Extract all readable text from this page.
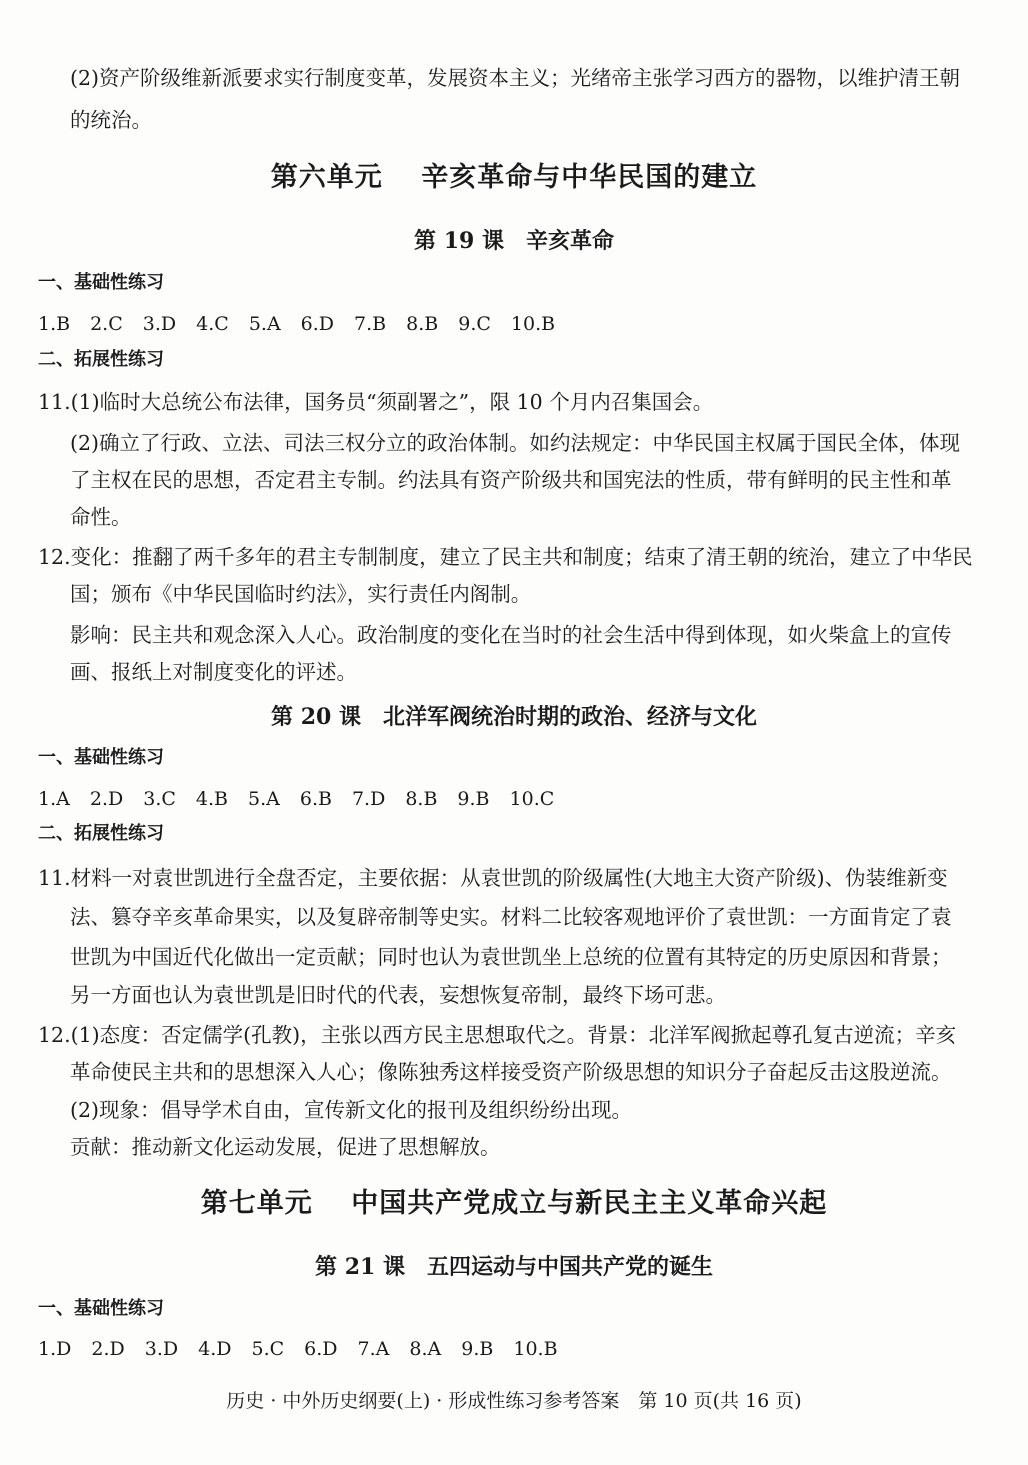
(2)资产阶级维新派要求实行制度变革，发展资本主义；光绪帝主张学习西方的器物，以维护清王朝
的统治。
第六单元　 辛亥革命与中华民国的建立
第 19 课　辛亥革命
一、基础性练习
1.B 2.C 3.D 4.C 5.A 6.D 7.B 8.B 9.C 10.B
二、拓展性练习
11.(1)临时大总统公布法律，国务员“须副署之”，限 10 个月内召集国会。
(2)确立了行政、立法、司法三权分立的政治体制。如约法规定：中华民国主权属于国民全体，体现
了主权在民的思想，否定君主专制。约法具有资产阶级共和国宪法的性质，带有鲜明的民主性和革
命性。
12.变化：推翻了两千多年的君主专制制度，建立了民主共和制度；结束了清王朝的统治，建立了中华民
国；颁布《中华民国临时约法》，实行责任内阁制。
影响：民主共和观念深入人心。政治制度的变化在当时的社会生活中得到体现，如火柴盒上的宣传
画、报纸上对制度变化的评述。
第 20 课　北洋军阀统治时期的政治、经济与文化
一、基础性练习
1.A 2.D 3.C 4.B 5.A 6.B 7.D 8.B 9.B 10.C
二、拓展性练习
11.材料一对袁世凯进行全盘否定，主要依据：从袁世凯的阶级属性(大地主大资产阶级)、伪装维新变
法、篡夺辛亥革命果实，以及复辟帝制等史实。材料二比较客观地评价了袁世凯：一方面肯定了袁
世凯为中国近代化做出一定贡献；同时也认为袁世凯坐上总统的位置有其特定的历史原因和背景；
另一方面也认为袁世凯是旧时代的代表，妄想恢复帝制，最终下场可悲。
12.(1)态度：否定儒学(孔教)，主张以西方民主思想取代之。背景：北洋军阀掀起尊孔复古逆流；辛亥
革命使民主共和的思想深入人心；像陈独秀这样接受资产阶级思想的知识分子奋起反击这股逆流。
(2)现象：倡导学术自由，宣传新文化的报刊及组织纷纷出现。
贡献：推动新文化运动发展，促进了思想解放。
第七单元　 中国共产党成立与新民主主义革命兴起
第 21 课　五四运动与中国共产党的诞生
一、基础性练习
1.D 2.D 3.D 4.D 5.C 6.D 7.A 8.A 9.B 10.B
历史 · 中外历史纲要(上) · 形成性练习参考答案　第 10 页(共 16 页)
